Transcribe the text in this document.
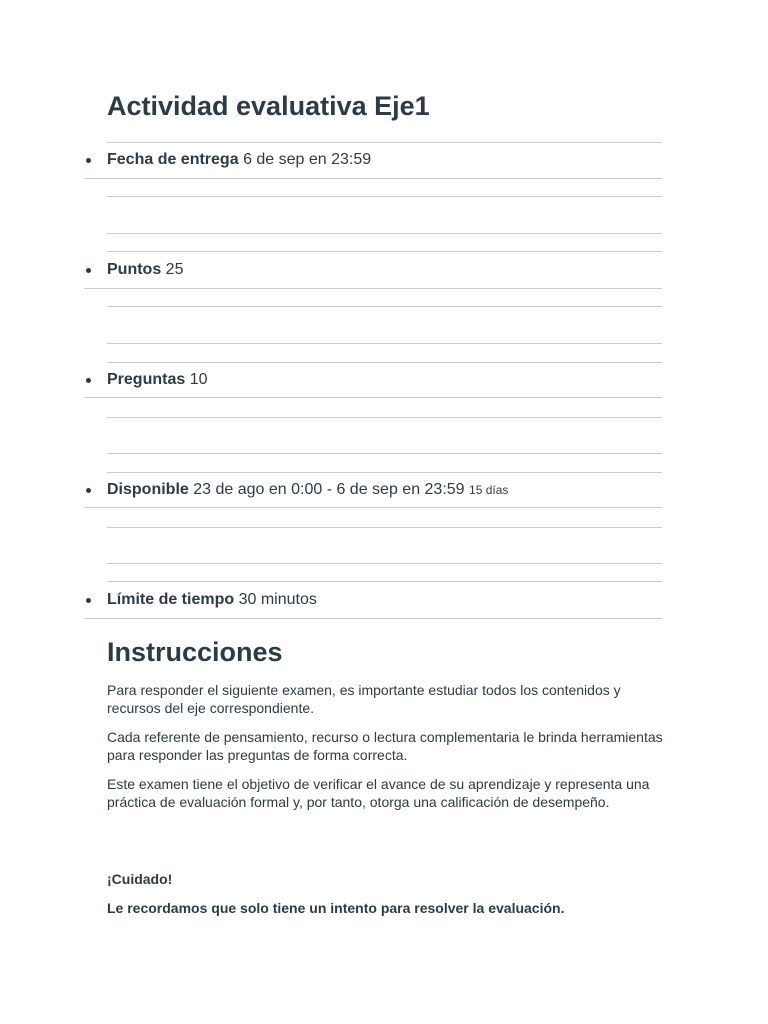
Actividad evaluativa Eje1
Fecha de entrega 6 de sep en 23:59
Puntos 25
Preguntas 10
Disponible 23 de ago en 0:00 - 6 de sep en 23:59 15 días
Límite de tiempo 30 minutos
Instrucciones

Para responder el siguiente examen, es importante estudiar todos los contenidos y recursos del eje correspondiente.

Cada referente de pensamiento, recurso o lectura complementaria le brinda herramientas para responder las preguntas de forma correcta.

Este examen tiene el objetivo de verificar el avance de su aprendizaje y representa una práctica de evaluación formal y, por tanto, otorga una calificación de desempeño.

¡Cuidado!

Le recordamos que solo tiene un intento para resolver la evaluación.
